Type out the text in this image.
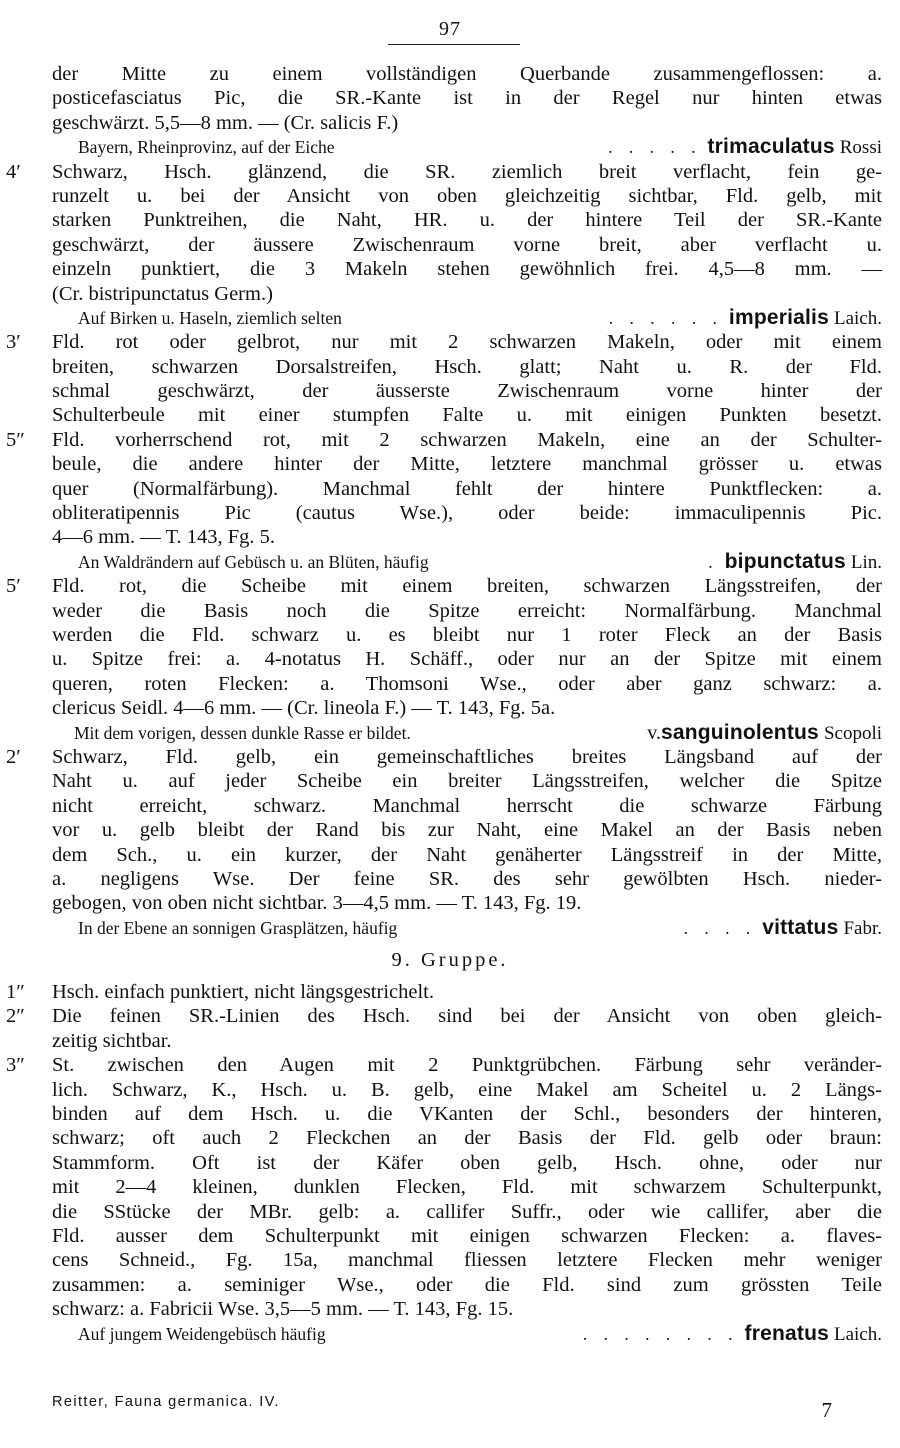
97
der Mitte zu einem vollständigen Querbande zusammengeflossen: a.
posticefasciatus Pic, die SR.-Kante ist in der Regel nur hinten etwas
geschwärzt. 5,5—8 mm. — (Cr. salicis F.)
Bayern, Rheinprovinz, auf der Eiche	. . . . . trimaculatus Rossi
4′	Schwarz, Hsch. glänzend, die SR. ziemlich breit verflacht, fein ge-
runzelt u. bei der Ansicht von oben gleichzeitig sichtbar, Fld. gelb, mit
starken Punktreihen, die Naht, HR. u. der hintere Teil der SR.-Kante
geschwärzt, der äussere Zwischenraum vorne breit, aber verflacht u.
einzeln punktiert, die 3 Makeln stehen gewöhnlich frei. 4,5—8 mm. —
(Cr. bistripunctatus Germ.)
Auf Birken u. Haseln, ziemlich selten	. . . . . . imperialis Laich.
3′	Fld. rot oder gelbrot, nur mit 2 schwarzen Makeln, oder mit einem
breiten, schwarzen Dorsalstreifen, Hsch. glatt; Naht u. R. der Fld.
schmal geschwärzt, der äusserste Zwischenraum vorne hinter der
Schulterbeule mit einer stumpfen Falte u. mit einigen Punkten besetzt.
5″	Fld. vorherrschend rot, mit 2 schwarzen Makeln, eine an der Schulter-
beule, die andere hinter der Mitte, letztere manchmal grösser u. etwas
quer (Normalfärbung). Manchmal fehlt der hintere Punktflecken: a.
obliteratipennis Pic (cautus Wse.), oder beide: immaculipennis Pic.
4—6 mm. — T. 143, Fg. 5.
An Waldrändern auf Gebüsch u. an Blüten, häufig	. bipunctatus Lin.
5′	Fld. rot, die Scheibe mit einem breiten, schwarzen Längsstreifen, der
weder die Basis noch die Spitze erreicht: Normalfärbung. Manchmal
werden die Fld. schwarz u. es bleibt nur 1 roter Fleck an der Basis
u. Spitze frei: a. 4-notatus H. Schäff., oder nur an der Spitze mit einem
queren, roten Flecken: a. Thomsoni Wse., oder aber ganz schwarz: a.
clericus Seidl. 4—6 mm. — (Cr. lineola F.) — T. 143, Fg. 5a.
Mit dem vorigen, dessen dunkle Rasse er bildet.	v. sanguinolentus Scopoli
2′	Schwarz, Fld. gelb, ein gemeinschaftliches breites Längsband auf der
Naht u. auf jeder Scheibe ein breiter Längsstreifen, welcher die Spitze
nicht erreicht, schwarz. Manchmal herrscht die schwarze Färbung
vor u. gelb bleibt der Rand bis zur Naht, eine Makel an der Basis neben
dem Sch., u. ein kurzer, der Naht genäherter Längsstreif in der Mitte,
a. negligens Wse. Der feine SR. des sehr gewölbten Hsch. nieder-
gebogen, von oben nicht sichtbar. 3—4,5 mm. — T. 143, Fg. 19.
In der Ebene an sonnigen Grasplätzen, häufig	. . . . vittatus Fabr.
9. Gruppe.
1″	Hsch. einfach punktiert, nicht längsgestrichelt.
2″	Die feinen SR.-Linien des Hsch. sind bei der Ansicht von oben gleich-
zeitig sichtbar.
3″	St. zwischen den Augen mit 2 Punktgrübchen. Färbung sehr veränder-
lich. Schwarz, K., Hsch. u. B. gelb, eine Makel am Scheitel u. 2 Längs-
binden auf dem Hsch. u. die VKanten der Schl., besonders der hinteren,
schwarz; oft auch 2 Fleckchen an der Basis der Fld. gelb oder braun:
Stammform. Oft ist der Käfer oben gelb, Hsch. ohne, oder nur
mit 2—4 kleinen, dunklen Flecken, Fld. mit schwarzem Schulterpunkt,
die SStücke der MBr. gelb: a. callifer Suffr., oder wie callifer, aber die
Fld. ausser dem Schulterpunkt mit einigen schwarzen Flecken: a. flaves-
cens Schneid., Fg. 15a, manchmal fliessen letztere Flecken mehr weniger
zusammen: a. seminiger Wse., oder die Fld. sind zum grössten Teile
schwarz: a. Fabricii Wse. 3,5—5 mm. — T. 143, Fg. 15.
Auf jungem Weidengebüsch häufig	. . . . . . . . frenatus Laich.
Reitter, Fauna germanica. IV.	7
